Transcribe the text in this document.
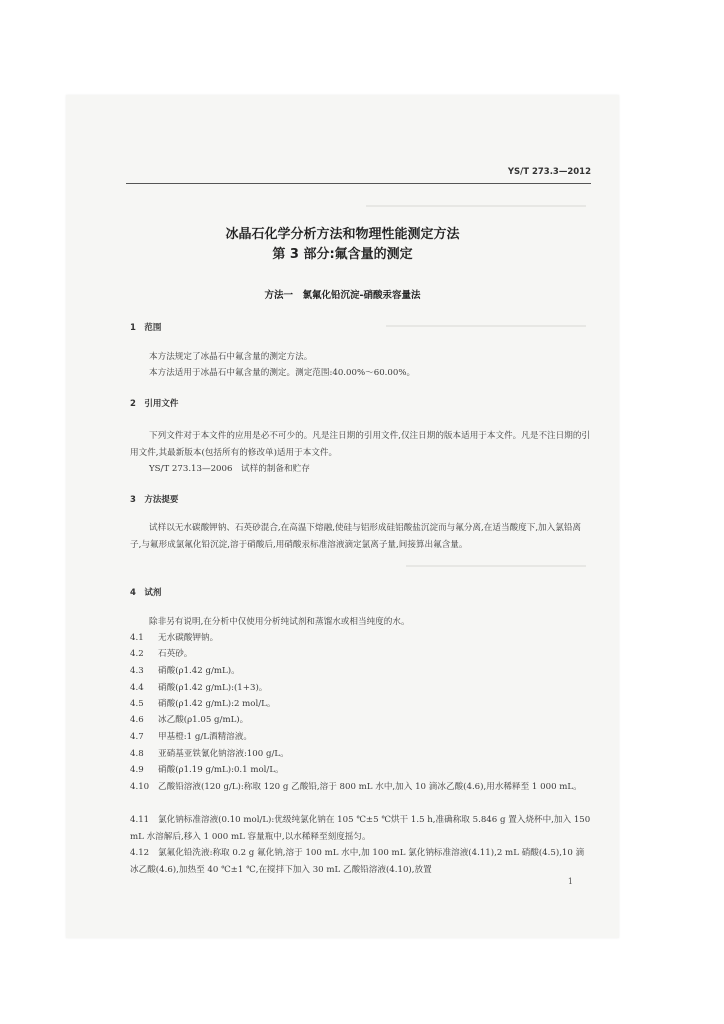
YS/T 273.3—2012
冰晶石化学分析方法和物理性能测定方法
第 3 部分:氟含量的测定
方法一　氯氟化铅沉淀-硝酸汞容量法
1　范围

本方法规定了冰晶石中氟含量的测定方法。

本方法适用于冰晶石中氟含量的测定。测定范围:40.00%～60.00%。

2　引用文件

下列文件对于本文件的应用是必不可少的。凡是注日期的引用文件,仅注日期的版本适用于本文件。凡是不注日期的引用文件,其最新版本(包括所有的修改单)适用于本文件。

YS/T 273.13—2006　试样的制备和贮存

3　方法提要

试样以无水碳酸钾钠、石英砂混合,在高温下熔融,使硅与铝形成硅铝酸盐沉淀而与氟分离,在适当酸度下,加入氯铅离子,与氟形成氯氟化铅沉淀,溶于硝酸后,用硝酸汞标准溶液滴定氯离子量,间接算出氟含量。

4　试剂

除非另有说明,在分析中仅使用分析纯试剂和蒸馏水或相当纯度的水。

4.1 无水碳酸钾钠。
4.2 石英砂。
4.3 硝酸(ρ1.42 g/mL)。
4.4 硝酸(ρ1.42 g/mL):(1+3)。
4.5 硝酸(ρ1.42 g/mL):2 mol/L。
4.6 冰乙酸(ρ1.05 g/mL)。
4.7 甲基橙:1 g/L酒精溶液。
4.8 亚硝基亚铁氰化钠溶液:100 g/L。
4.9 硝酸(ρ1.19 g/mL):0.1 mol/L。
4.10 乙酸铅溶液(120 g/L):称取 120 g 乙酸铅,溶于 800 mL 水中,加入 10 滴冰乙酸(4.6),用水稀释至 1 000 mL。
4.11 氯化钠标准溶液(0.10 mol/L):优级纯氯化钠在 105 ℃±5 ℃烘干 1.5 h,准确称取 5.846 g 置入烧杯中,加入 150 mL 水溶解后,移入 1 000 mL 容量瓶中,以水稀释至刻度摇匀。
4.12 氯氟化铅洗液:称取 0.2 g 氟化钠,溶于 100 mL 水中,加 100 mL 氯化钠标准溶液(4.11),2 mL 硝酸(4.5),10 滴冰乙酸(4.6),加热至 40 ℃±1 ℃,在搅拌下加入 30 mL 乙酸铅溶液(4.10),放置
1
